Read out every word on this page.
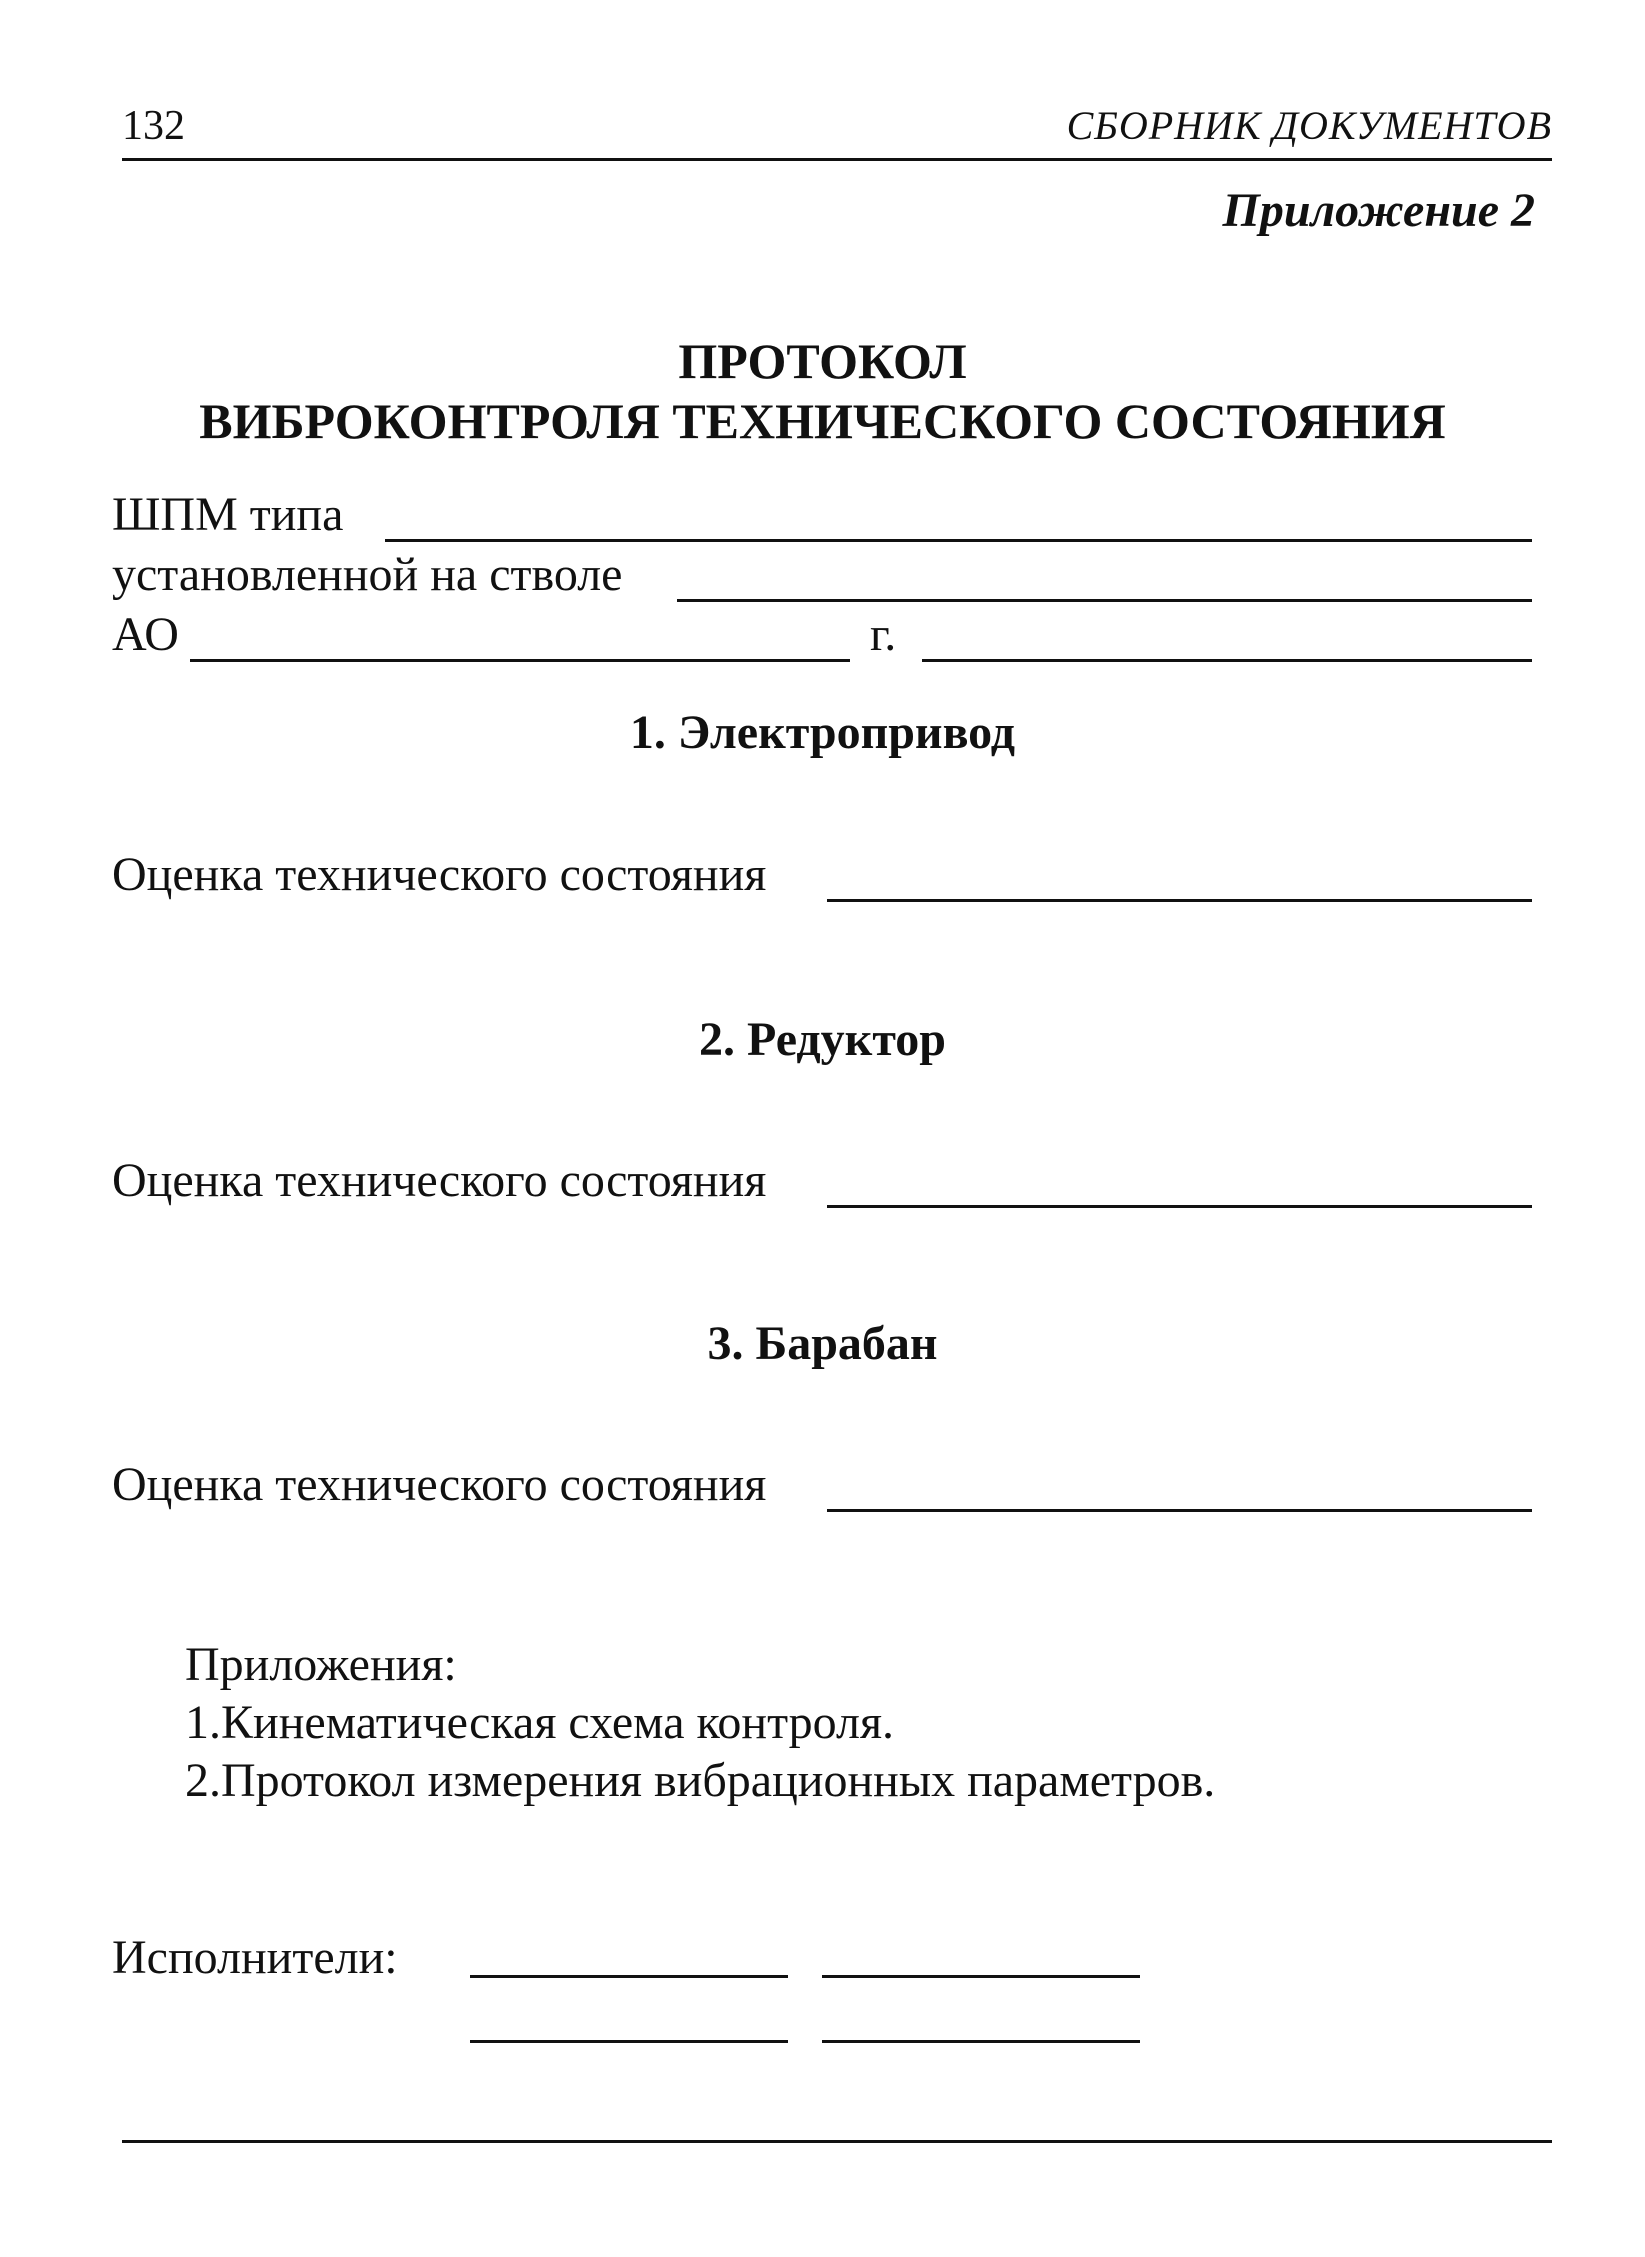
132	СБОРНИК ДОКУМЕНТОВ
Приложение 2
ПРОТОКОЛ
ВИБРОКОНТРОЛЯ ТЕХНИЧЕСКОГО СОСТОЯНИЯ
ШПМ типа
установленной на стволе
АО	г.
1. Электропривод
Оценка технического состояния
2. Редуктор
Оценка технического состояния
3. Барабан
Оценка технического состояния
Приложения:
1.Кинематическая схема контроля.
2.Протокол измерения вибрационных параметров.
Исполнители:
